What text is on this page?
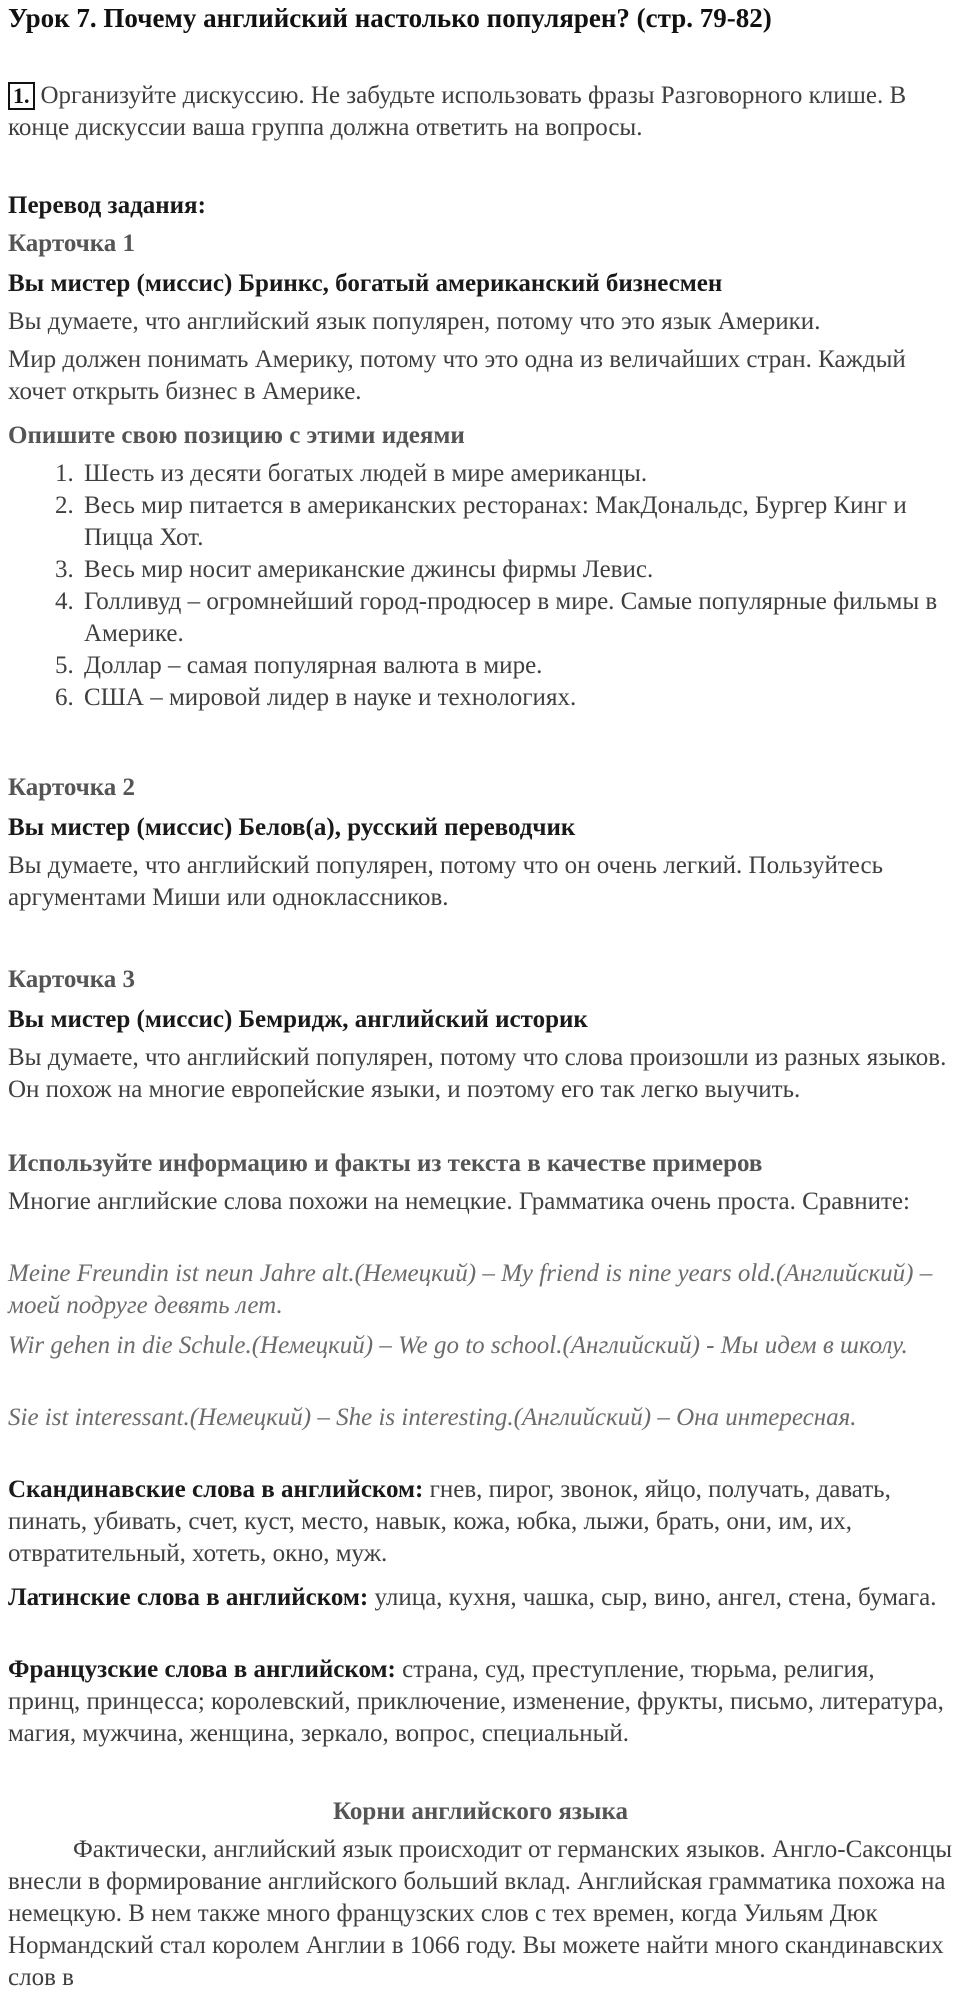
Урок 7. Почему английский настолько популярен? (стр. 79-82)
1. Организуйте дискуссию. Не забудьте использовать фразы Разговорного клише. В конце дискуссии ваша группа должна ответить на вопросы.
Перевод задания:
Карточка 1
Вы мистер (миссис) Бринкс, богатый американский бизнесмен
Вы думаете, что английский язык популярен, потому что это язык Америки.
Мир должен понимать Америку, потому что это одна из величайших стран. Каждый хочет открыть бизнес в Америке.
Опишите свою позицию с этими идеями
1. Шесть из десяти богатых людей в мире американцы.
2. Весь мир питается в американских ресторанах: МакДональдс, Бургер Кинг и Пицца Хот.
3. Весь мир носит американские джинсы фирмы Левис.
4. Голливуд – огромнейший город-продюсер в мире. Самые популярные фильмы в Америке.
5. Доллар – самая популярная валюта в мире.
6. США – мировой лидер в науке и технологиях.
Карточка 2
Вы мистер (миссис) Белов(а), русский переводчик
Вы думаете, что английский популярен, потому что он очень легкий. Пользуйтесь аргументами Миши или одноклассников.
Карточка 3
Вы мистер (миссис) Бемридж, английский историк
Вы думаете, что английский популярен, потому что слова произошли из разных языков. Он похож на многие европейские языки, и поэтому его так легко выучить.
Используйте информацию и факты из текста в качестве примеров
Многие английские слова похожи на немецкие. Грамматика очень проста. Сравните:
Meine Freundin ist neun Jahre alt.(Немецкий) – My friend is nine years old.(Английский) – моей подруге девять лет.
Wir gehen in die Schule.(Немецкий) – We go to school.(Английский) - Мы идем в школу.
Sie ist interessant.(Немецкий) – She is interesting.(Английский) – Она интересная.
Скандинавские слова в английском: гнев, пирог, звонок, яйцо, получать, давать, пинать, убивать, счет, куст, место, навык, кожа, юбка, лыжи, брать, они, им, их, отвратительный, хотеть, окно, муж.
Латинские слова в английском: улица, кухня, чашка, сыр, вино, ангел, стена, бумага.
Французские слова в английском: страна, суд, преступление, тюрьма, религия, принц, принцесса; королевский, приключение, изменение, фрукты, письмо, литература, магия, мужчина, женщина, зеркало, вопрос, специальный.
Корни английского языка
Фактически, английский язык происходит от германских языков. Англо-Саксонцы внесли в формирование английского больший вклад. Английская грамматика похожа на немецкую. В нем также много французских слов с тех времен, когда Уильям Дюк Нормандский стал королем Англии в 1066 году. Вы можете найти много скандинавских слов в
